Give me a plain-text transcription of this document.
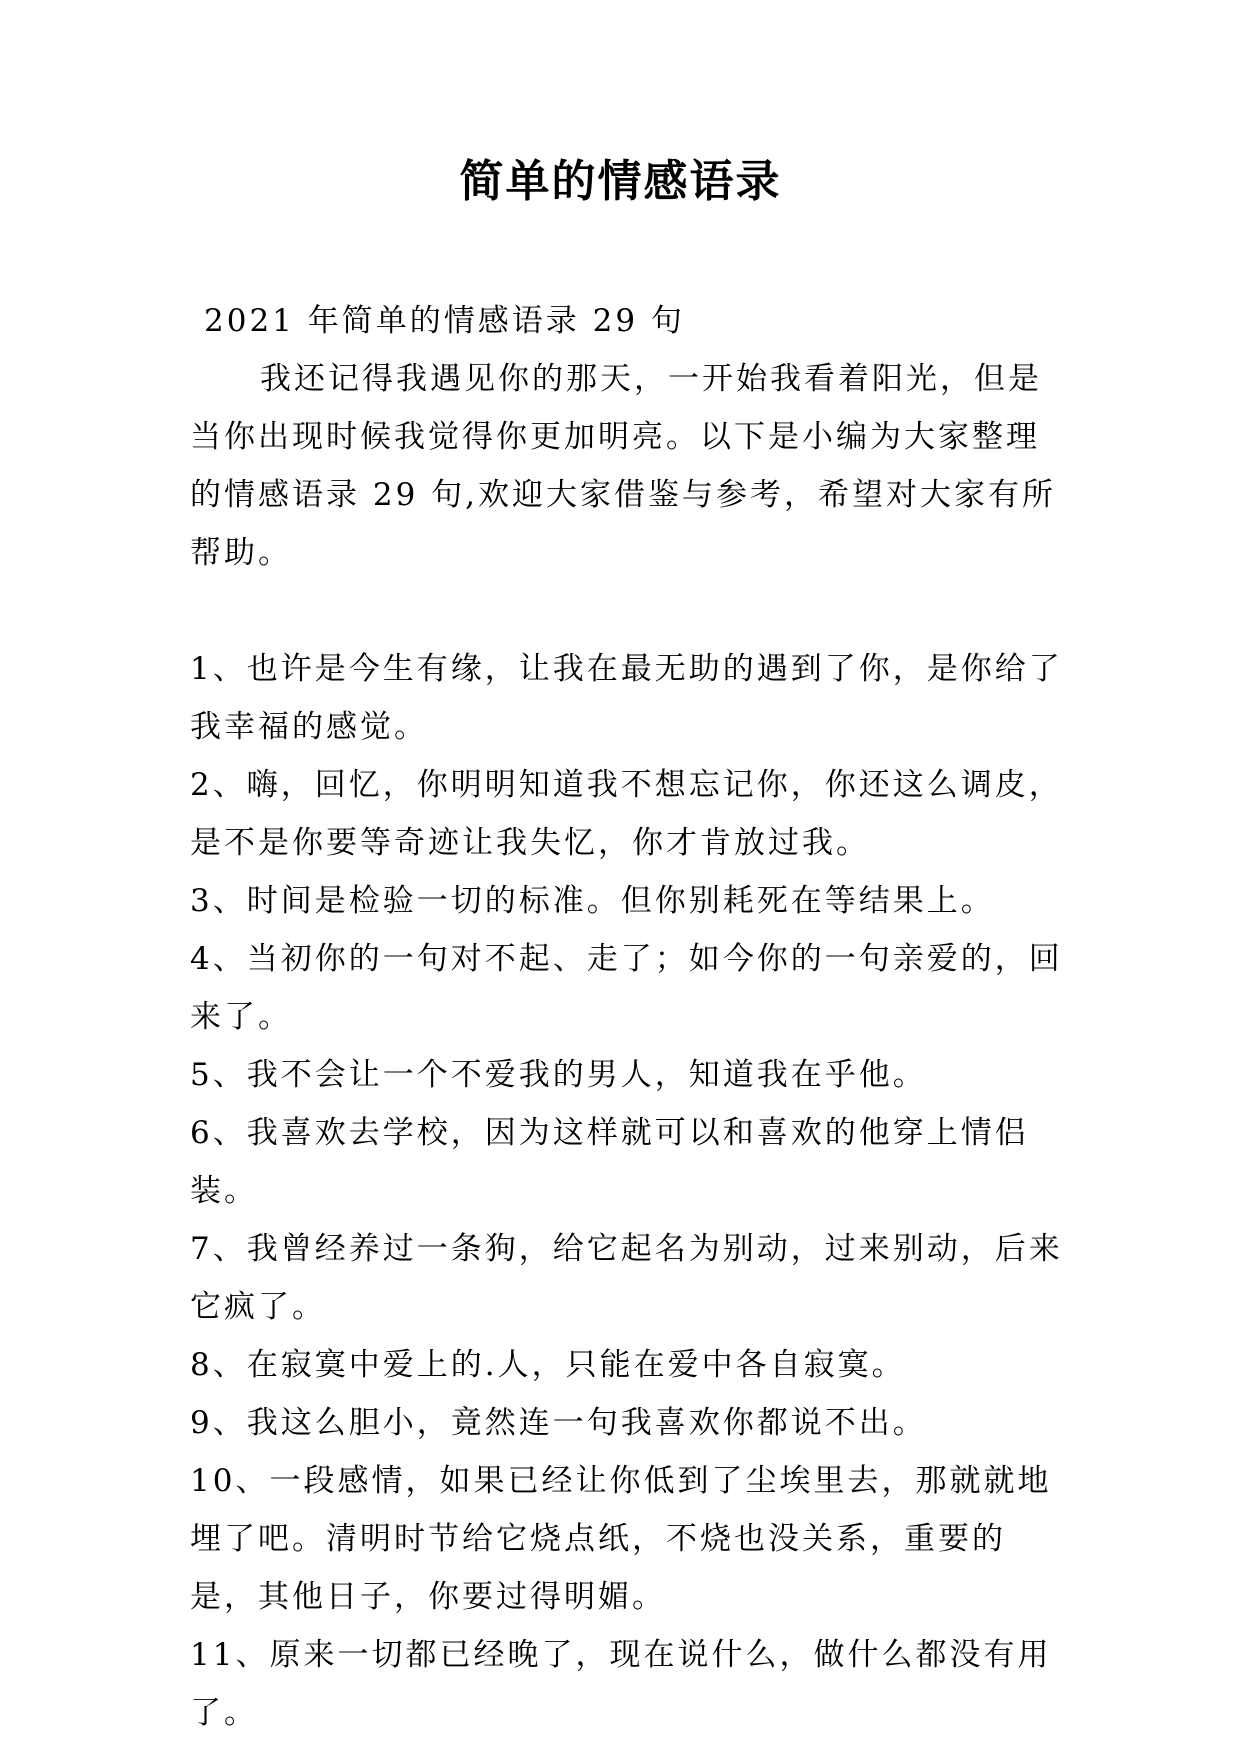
简单的情感语录

2021 年简单的情感语录 29 句

我还记得我遇见你的那天，一开始我看着阳光，但是当你出现时候我觉得你更加明亮。以下是小编为大家整理的情感语录 29 句,欢迎大家借鉴与参考，希望对大家有所帮助。

1、也许是今生有缘，让我在最无助的遇到了你，是你给了我幸福的感觉。

2、嗨，回忆，你明明知道我不想忘记你，你还这么调皮，是不是你要等奇迹让我失忆，你才肯放过我。

3、时间是检验一切的标准。但你别耗死在等结果上。

4、当初你的一句对不起、走了；如今你的一句亲爱的，回来了。

5、我不会让一个不爱我的男人，知道我在乎他。

6、我喜欢去学校，因为这样就可以和喜欢的他穿上情侣装。

7、我曾经养过一条狗，给它起名为别动，过来别动，后来它疯了。

8、在寂寞中爱上的.人，只能在爱中各自寂寞。

9、我这么胆小，竟然连一句我喜欢你都说不出。

10、一段感情，如果已经让你低到了尘埃里去，那就就地埋了吧。清明时节给它烧点纸，不烧也没关系，重要的是，其他日子，你要过得明媚。

11、原来一切都已经晚了，现在说什么，做什么都没有用了。
